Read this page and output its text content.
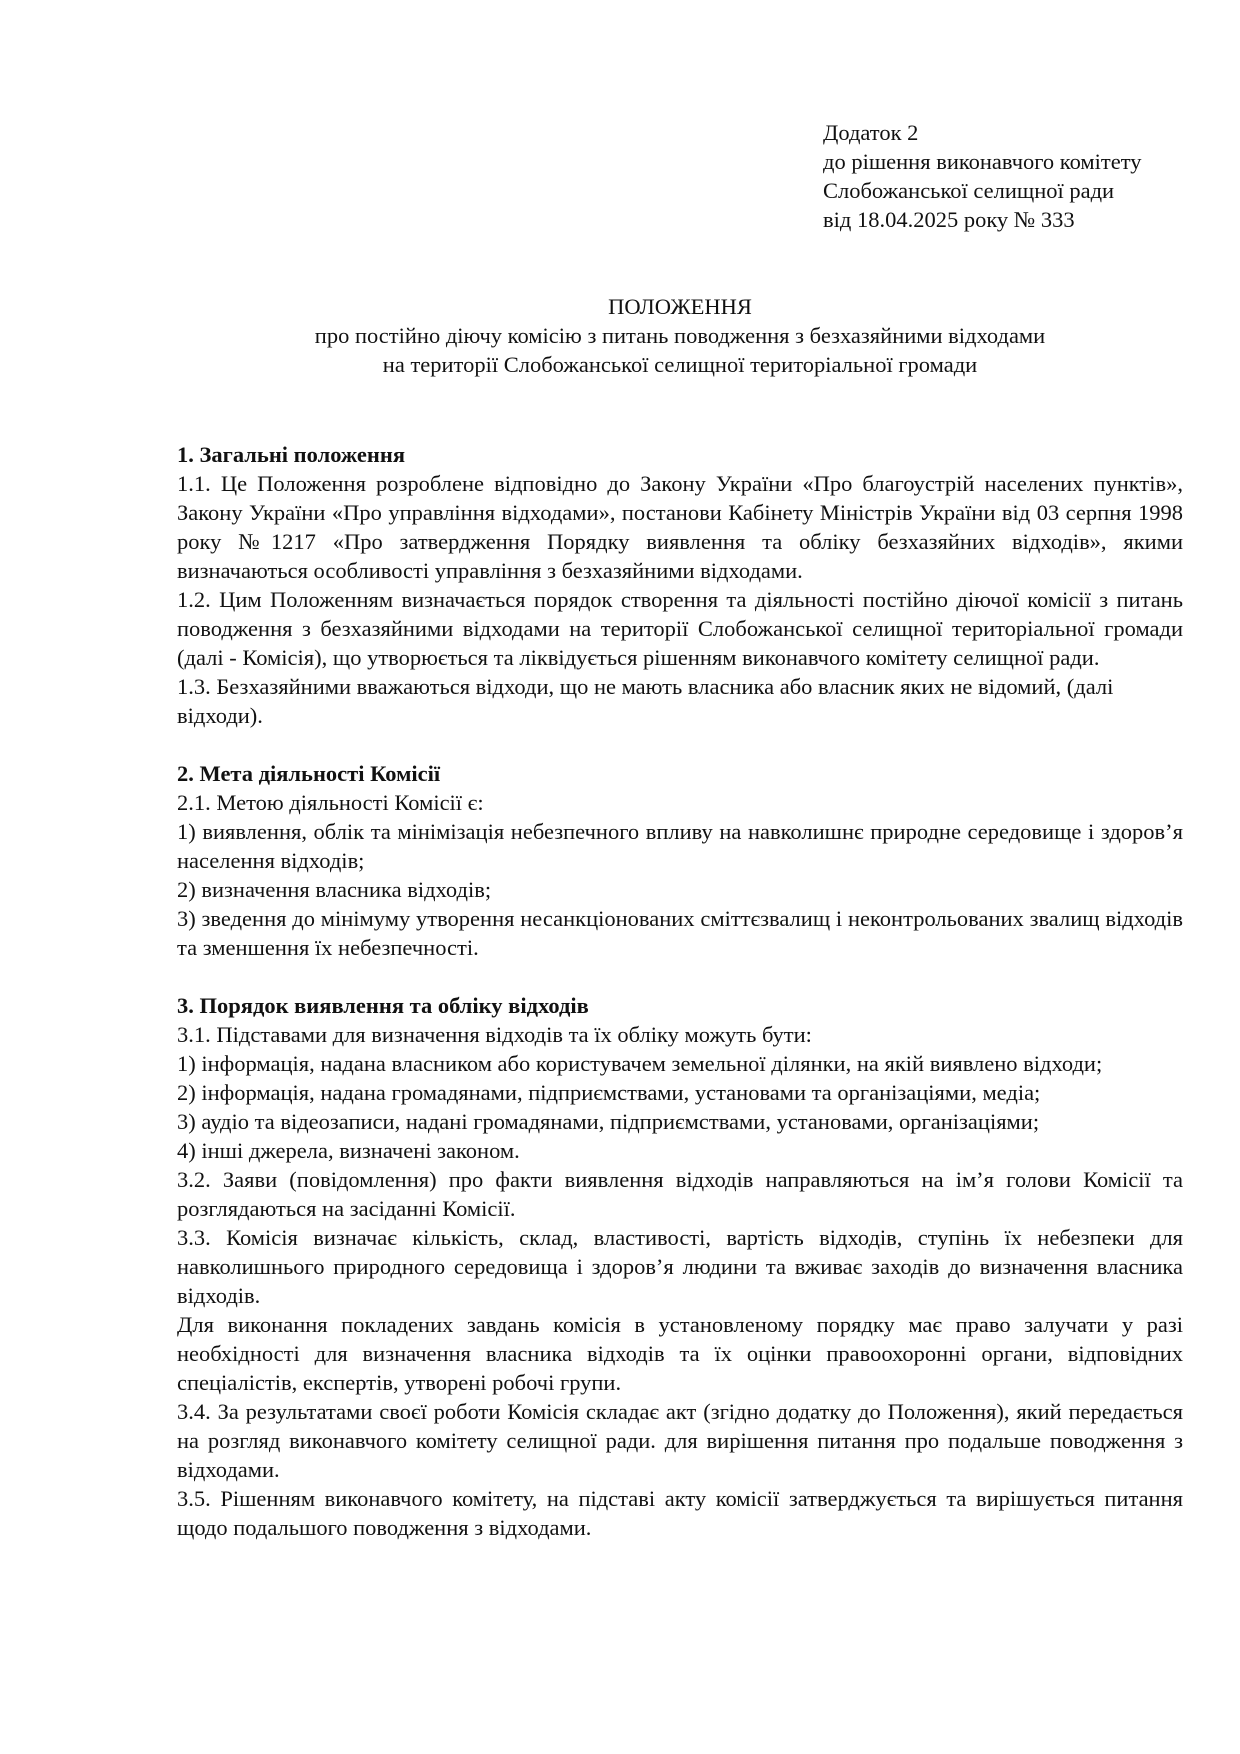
Додаток 2
до рішення виконавчого комітету
Слобожанської селищної ради
від 18.04.2025 року № 333
ПОЛОЖЕННЯ
про постійно діючу комісію з питань поводження з безхазяйними відходами
на території Слобожанської селищної територіальної громади
1. Загальні положення
1.1. Це Положення розроблене відповідно до Закону України «Про благоустрій населених пунктів», Закону України «Про управління відходами», постанови Кабінету Міністрів України від 03 серпня 1998 року №1217 «Про затвердження Порядку виявлення та обліку безхазяйних відходів», якими визначаються особливості управління з безхазяйними відходами.
1.2. Цим Положенням визначається порядок створення та діяльності постійно діючої комісії з питань поводження з безхазяйними відходами на території Слобожанської селищної територіальної громади (далі - Комісія), що утворюється та ліквідується рішенням виконавчого комітету селищної ради.
1.3. Безхазяйними вважаються відходи, що не мають власника або власник яких не відомий, (далі відходи).
2. Мета діяльності Комісії
2.1. Метою діяльності Комісії є:
1) виявлення, облік та мінімізація небезпечного впливу на навколишнє природне середовище і здоров’я населення відходів;
2) визначення власника відходів;
3) зведення до мінімуму утворення несанкціонованих сміттєзвалищ і неконтрольованих звалищ відходів та зменшення їх небезпечності.
3. Порядок виявлення та обліку відходів
3.1. Підставами для визначення відходів та їх обліку можуть бути:
1) інформація, надана власником або користувачем земельної ділянки, на якій виявлено відходи;
2) інформація, надана громадянами, підприємствами, установами та організаціями, медіа;
3) аудіо та відеозаписи, надані громадянами, підприємствами, установами, організаціями;
4) інші джерела, визначені законом.
3.2. Заяви (повідомлення) про факти виявлення відходів направляються на ім’я голови Комісії та розглядаються на засіданні Комісії.
3.3. Комісія визначає кількість, склад, властивості, вартість відходів, ступінь їх небезпеки для навколишнього природного середовища і здоров’я людини та вживає заходів до визначення власника відходів.
Для виконання покладених завдань комісія в установленому порядку має право залучати у разі необхідності для визначення власника відходів та їх оцінки правоохоронні органи, відповідних спеціалістів, експертів, утворені робочі групи.
3.4. За результатами своєї роботи Комісія складає акт (згідно додатку до Положення), який передається на розгляд виконавчого комітету селищної ради. для вирішення питання про подальше поводження з відходами.
3.5. Рішенням виконавчого комітету, на підставі акту комісії затверджується та вирішується питання щодо подальшого поводження з відходами.
